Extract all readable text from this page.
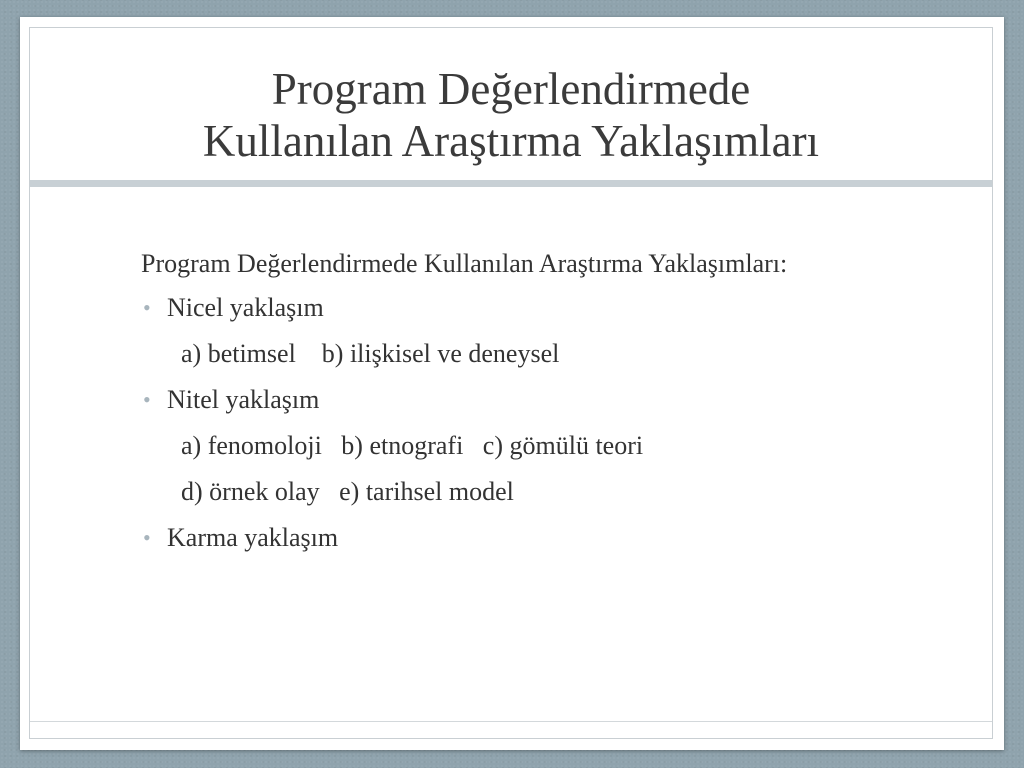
Program Değerlendirmede
Kullanılan Araştırma Yaklaşımları

Program Değerlendirmede Kullanılan Araştırma Yaklaşımları:

• Nicel yaklaşım
a) betimsel    b) ilişkisel ve deneysel
• Nitel yaklaşım
a) fenomoloji   b) etnografi   c) gömülü teori
d) örnek olay   e) tarihsel model
• Karma yaklaşım
